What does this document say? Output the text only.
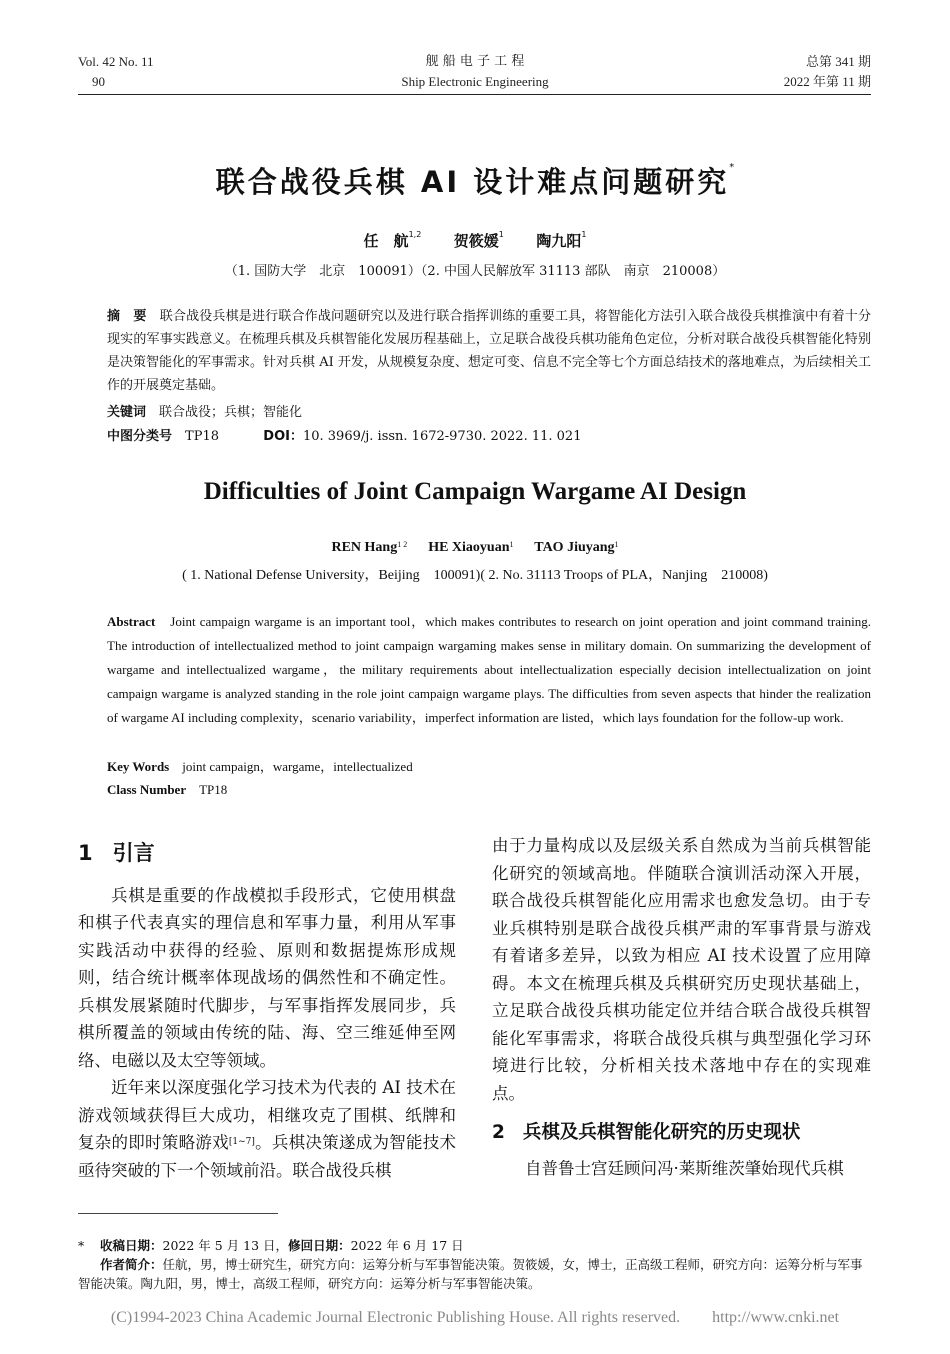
Vol. 42 No. 11
90
舰 船 电 子 工 程
Ship Electronic Engineering
总第 341 期
2022 年第 11 期
联合战役兵棋 AI 设计难点问题研究*
任　航$^{1,2}$ 贺筱媛$^1$ 陶九阳$^1$
（1. 国防大学　北京　100091）（2. 中国人民解放军 31113 部队　南京　210008）
摘　要　 联合战役兵棋是进行联合作战问题研究以及进行联合指挥训练的重要工具，将智能化方法引入联合战役兵棋推演中有着十分现实的军事实践意义。在梳理兵棋及兵棋智能化发展历程基础上，立足联合战役兵棋功能角色定位，分析对联合战役兵棋智能化特别是决策智能化的军事需求。针对兵棋 AI 开发，从规模复杂度、想定可变、信息不完全等七个方面总结技术的落地难点，为后续相关工作的开展奠定基础。
关键词　 联合战役；兵棋；智能化
中图分类号　 TP18	DOI：10. 3969/j. issn. 1672-9730. 2022. 11. 021
Difficulties of Joint Campaign Wargame AI Design
REN Hang$^{1 2}$ HE Xiaoyuan$^1$ TAO Jiuyang$^1$
( 1. National Defense University，Beijing　100091)( 2. No. 31113 Troops of PLA，Nanjing　210008)
Abstract　 Joint campaign wargame is an important tool，which makes contributes to research on joint operation and joint command training. The introduction of intellectualized method to joint campaign wargaming makes sense in military domain. On summarizing the development of wargame and intellectualized wargame，the military requirements about intellectualization especially decision intellectualization on joint campaign wargame is analyzed standing in the role joint campaign wargame plays. The difficulties from seven aspects that hinder the realization of wargame AI including complexity，scenario variability，imperfect information are listed，which lays foundation for the follow-up work.
Key Words　 joint campaign，wargame，intellectualized
Class Number　 TP18
1 引言

兵棋是重要的作战模拟手段形式，它使用棋盘和棋子代表真实的理信息和军事力量，利用从军事实践活动中获得的经验、原则和数据提炼形成规则，结合统计概率体现战场的偶然性和不确定性。兵棋发展紧随时代脚步，与军事指挥发展同步，兵棋所覆盖的领域由传统的陆、海、空三维延伸至网络、电磁以及太空等领域。

近年来以深度强化学习技术为代表的 AI 技术在游戏领域获得巨大成功，相继攻克了围棋、纸牌和复杂的即时策略游戏[1~7]。兵棋决策遂成为智能技术亟待突破的下一个领域前沿。联合战役兵棋

由于力量构成以及层级关系自然成为当前兵棋智能化研究的领域高地。伴随联合演训活动深入开展，联合战役兵棋智能化应用需求也愈发急切。由于专业兵棋特别是联合战役兵棋严肃的军事背景与游戏有着诸多差异，以致为相应 AI 技术设置了应用障碍。本文在梳理兵棋及兵棋研究历史现状基础上，立足联合战役兵棋功能定位并结合联合战役兵棋智能化军事需求，将联合战役兵棋与典型强化学习环境进行比较，分析相关技术落地中存在的实现难点。

2 兵棋及兵棋智能化研究的历史现状

自普鲁士宫廷顾问冯·莱斯维茨肇始现代兵棋

* 收稿日期：2022 年 5 月 13 日，修回日期：2022 年 6 月 17 日
作者简介：任航，男，博士研究生，研究方向：运筹分析与军事智能决策。贺筱媛，女，博士，正高级工程师，研究方向：运筹分析与军事智能决策。陶九阳，男，博士，高级工程师，研究方向：运筹分析与军事智能决策。
(C)1994-2023 China Academic Journal Electronic Publishing House. All rights reserved.　　http://www.cnki.net
